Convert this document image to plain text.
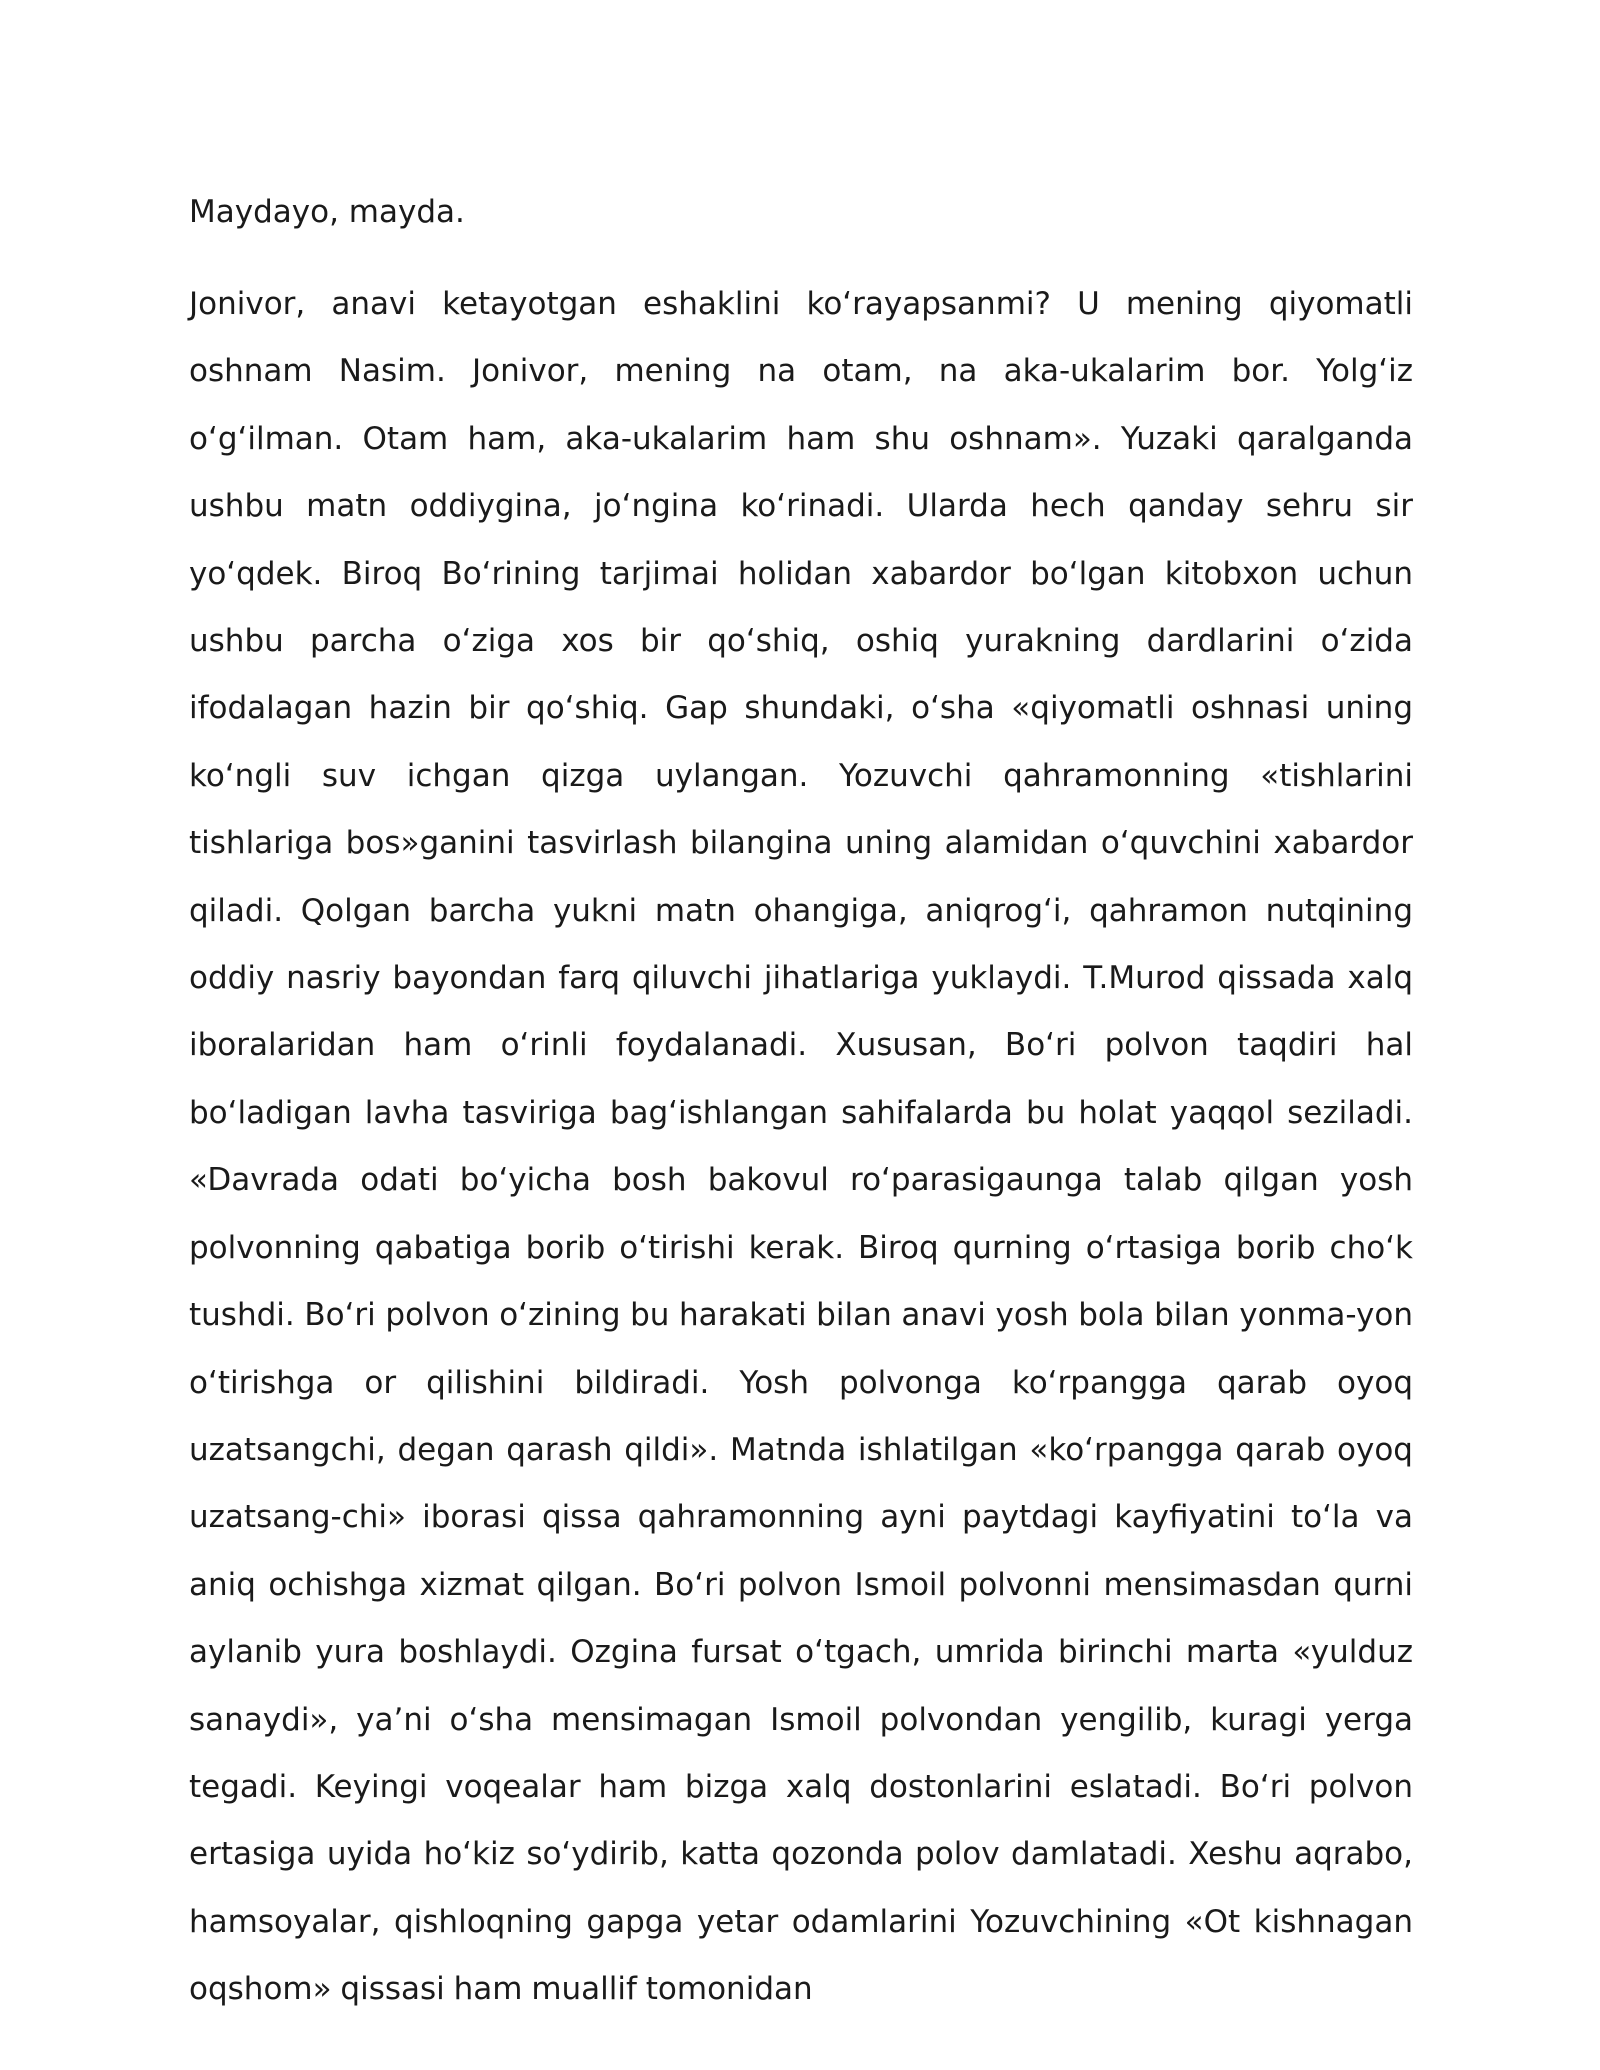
Maydayo, mayda.

Jonivor, anavi ketayotgan eshaklini koʻrayapsanmi? U mening qiyomatli oshnam Nasim. Jonivor, mening na otam, na aka-ukalarim bor. Yolgʻiz oʻgʻilman. Otam ham, aka-ukalarim ham shu oshnam». Yuzaki qaralganda ushbu matn oddiygina, joʻngina koʻrinadi. Ularda hech qanday sehru sir yoʻqdek. Biroq Boʻrining tarjimai holidan xabardor boʻlgan kitobxon uchun ushbu parcha oʻziga xos bir qoʻshiq, oshiq yurakning dardlarini oʻzida ifodalagan hazin bir qoʻshiq. Gap shundaki, oʻsha «qiyomatli oshnasi uning koʻngli suv ichgan qizga uylangan. Yozuvchi qahramonning «tishlarini tishlariga bos»ganini tasvirlash bilangina uning alamidan oʻquvchini xabardor qiladi. Qolgan barcha yukni matn ohangiga, aniqrogʻi, qahramon nutqining oddiy nasriy bayondan farq qiluvchi jihatlariga yuklaydi. T.Murod qissada xalq iboralaridan ham oʻrinli foydalanadi. Xususan, Boʻri polvon taqdiri hal boʻladigan lavha tasviriga bagʻishlangan sahifalarda bu holat yaqqol seziladi. «Davrada odati boʻyicha bosh bakovul roʻparasigaunga talab qilgan yosh polvonning qabatiga borib oʻtirishi kerak. Biroq qurning oʻrtasiga borib choʻk tushdi. Boʻri polvon oʻzining bu harakati bilan anavi yosh bola bilan yonma-yon oʻtirishga or qilishini bildiradi. Yosh polvonga koʻrpangga qarab oyoq uzatsangchi, degan qarash qildi». Matnda ishlatilgan «koʻrpangga qarab oyoq uzatsang-chi» iborasi qissa qahramonning ayni paytdagi kayfiyatini toʻla va aniq ochishga xizmat qilgan. Boʻri polvon Ismoil polvonni mensimasdan qurni aylanib yura boshlaydi. Ozgina fursat oʻtgach, umrida birinchi marta «yulduz sanaydi», yaʼni oʻsha mensimagan Ismoil polvondan yengilib, kuragi yerga tegadi. Keyingi voqealar ham bizga xalq dostonlarini eslatadi. Boʻri polvon ertasiga uyida hoʻkiz soʻydirib, katta qozonda polov damlatadi. Xeshu aqrabo, hamsoyalar, qishloqning gapga yetar odamlarini Yozuvchining «Ot kishnagan oqshom» qissasi ham muallif tomonidan
